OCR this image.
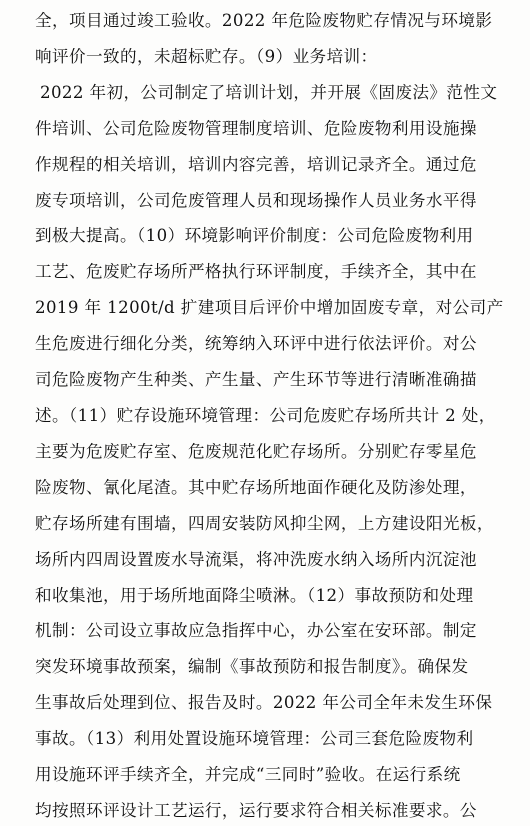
全，项目通过竣工验收。2022 年危险废物贮存情况与环境影
响评价一致的，未超标贮存。（9）业务培训：
2022 年初，公司制定了培训计划，并开展《固废法》范性文
件培训、公司危险废物管理制度培训、危险废物利用设施操
作规程的相关培训，培训内容完善，培训记录齐全。通过危
废专项培训，公司危废管理人员和现场操作人员业务水平得
到极大提高。（10）环境影响评价制度：公司危险废物利用
工艺、危废贮存场所严格执行环评制度，手续齐全，其中在
2019 年 1200t/d 扩建项目后评价中增加固废专章，对公司产
生危废进行细化分类，统筹纳入环评中进行依法评价。对公
司危险废物产生种类、产生量、产生环节等进行清晰准确描
述。（11）贮存设施环境管理：公司危废贮存场所共计 2 处，
主要为危废贮存室、危废规范化贮存场所。分别贮存零星危
险废物、氰化尾渣。其中贮存场所地面作硬化及防渗处理，
贮存场所建有围墙，四周安装防风抑尘网，上方建设阳光板，
场所内四周设置废水导流渠，将冲洗废水纳入场所内沉淀池
和收集池，用于场所地面降尘喷淋。（12）事故预防和处理
机制：公司设立事故应急指挥中心，办公室在安环部。制定
突发环境事故预案，编制《事故预防和报告制度》。确保发
生事故后处理到位、报告及时。2022 年公司全年未发生环保
事故。（13）利用处置设施环境管理：公司三套危险废物利
用设施环评手续齐全，并完成“三同时”验收。在运行系统
均按照环评设计工艺运行，运行要求符合相关标准要求。公
